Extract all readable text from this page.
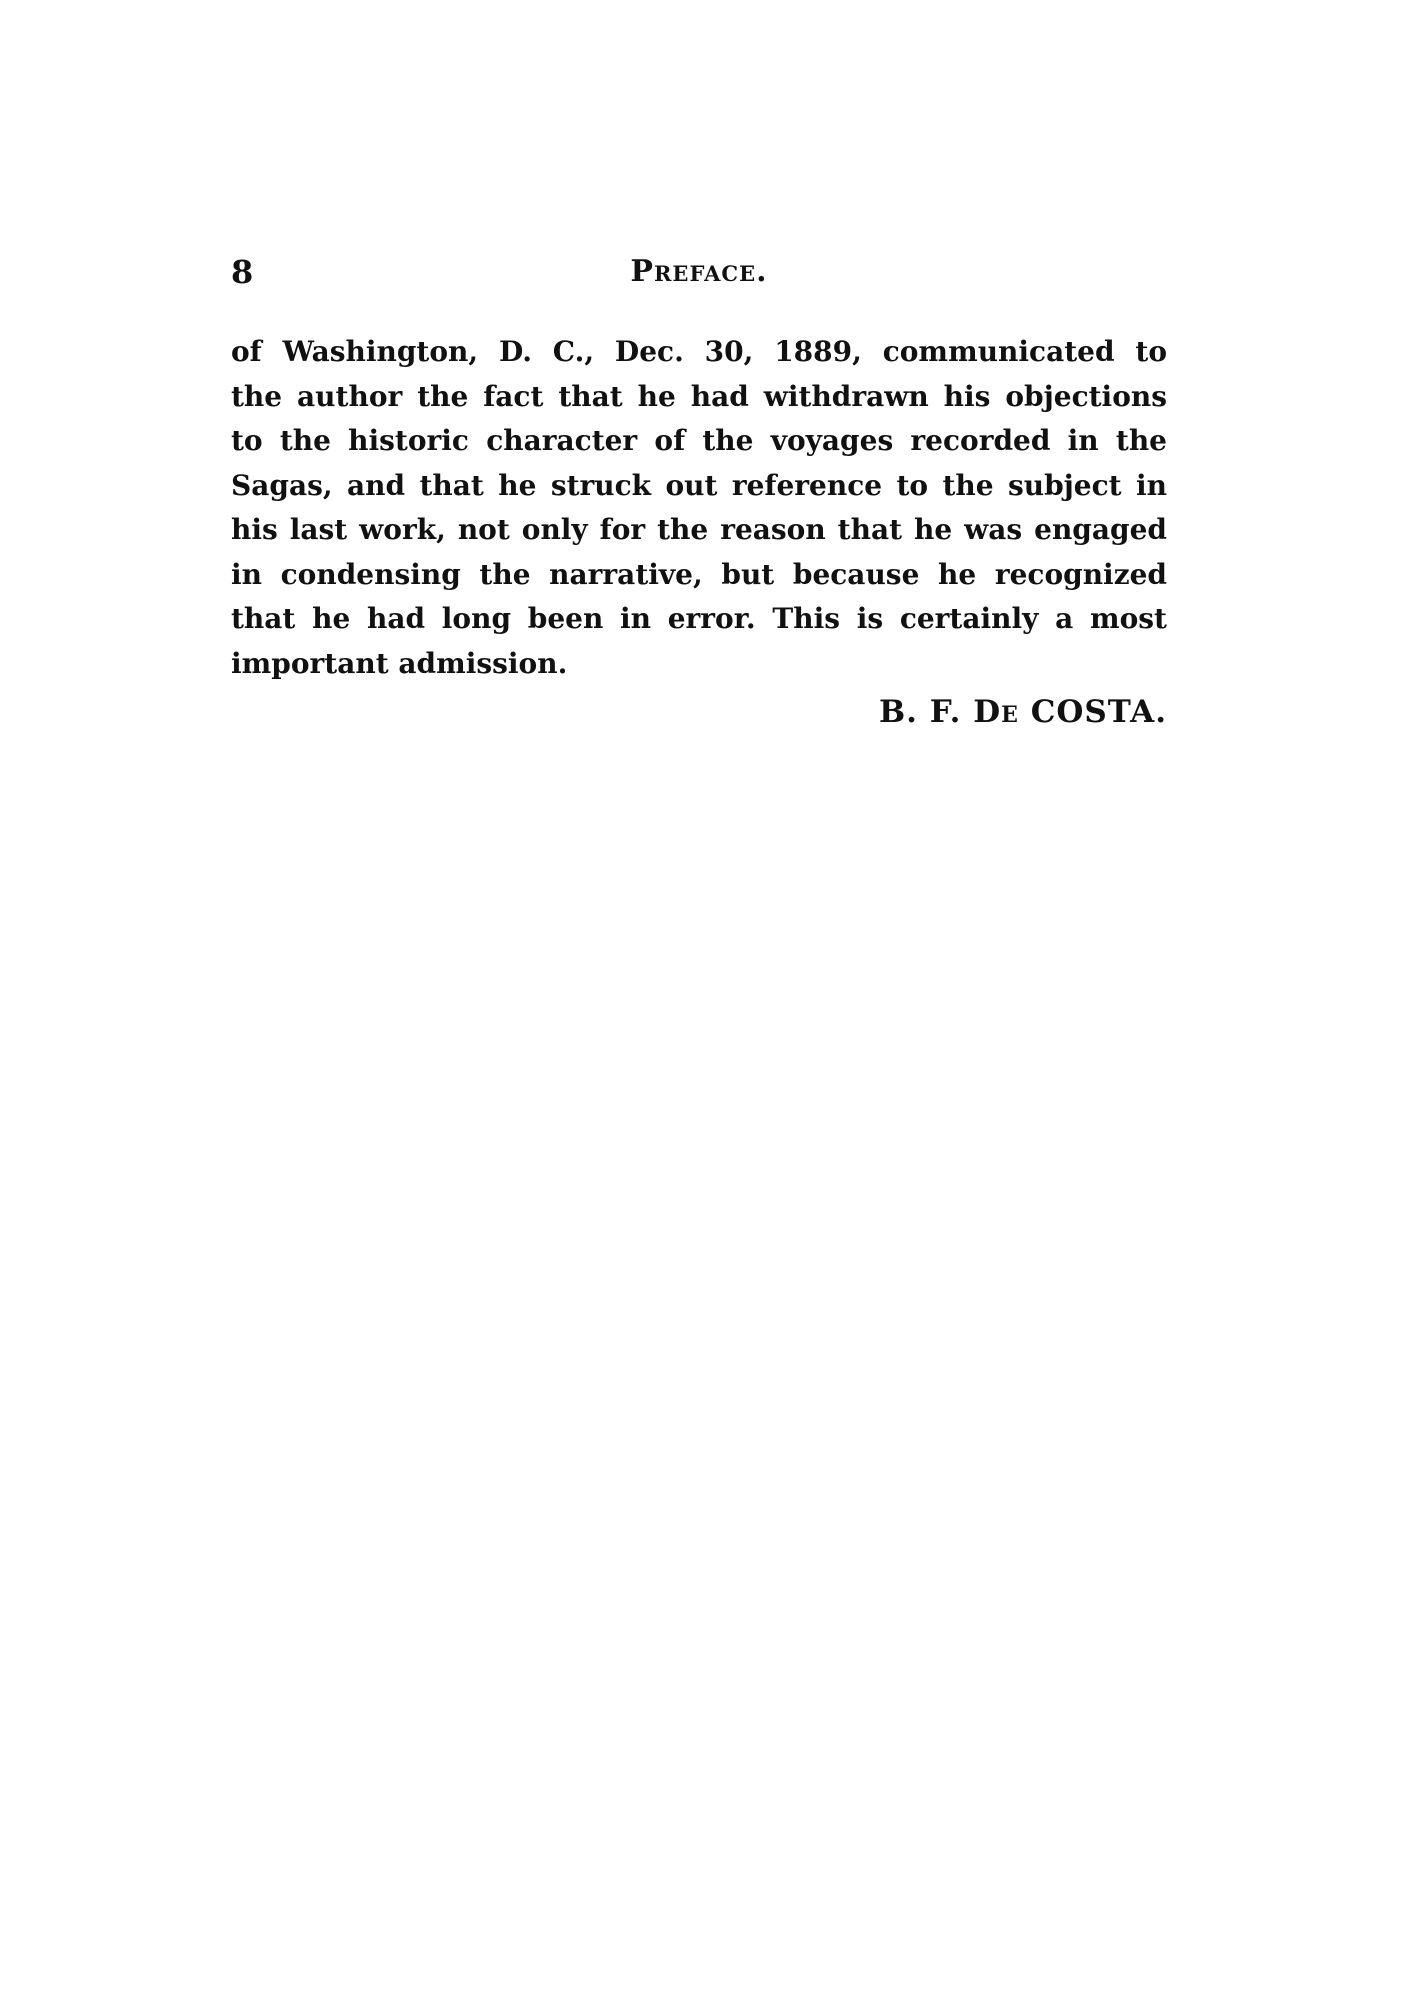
8	Preface.
of Washington, D. C., Dec. 30, 1889, communicated to
the author the fact that he had withdrawn his objections
to the historic character of the voyages recorded in the
Sagas, and that he struck out reference to the subject in
his last work, not only for the reason that he was engaged
in condensing the narrative, but because he recognized
that he had long been in error. This is certainly a most
important admission.
B. F. De COSTA.
